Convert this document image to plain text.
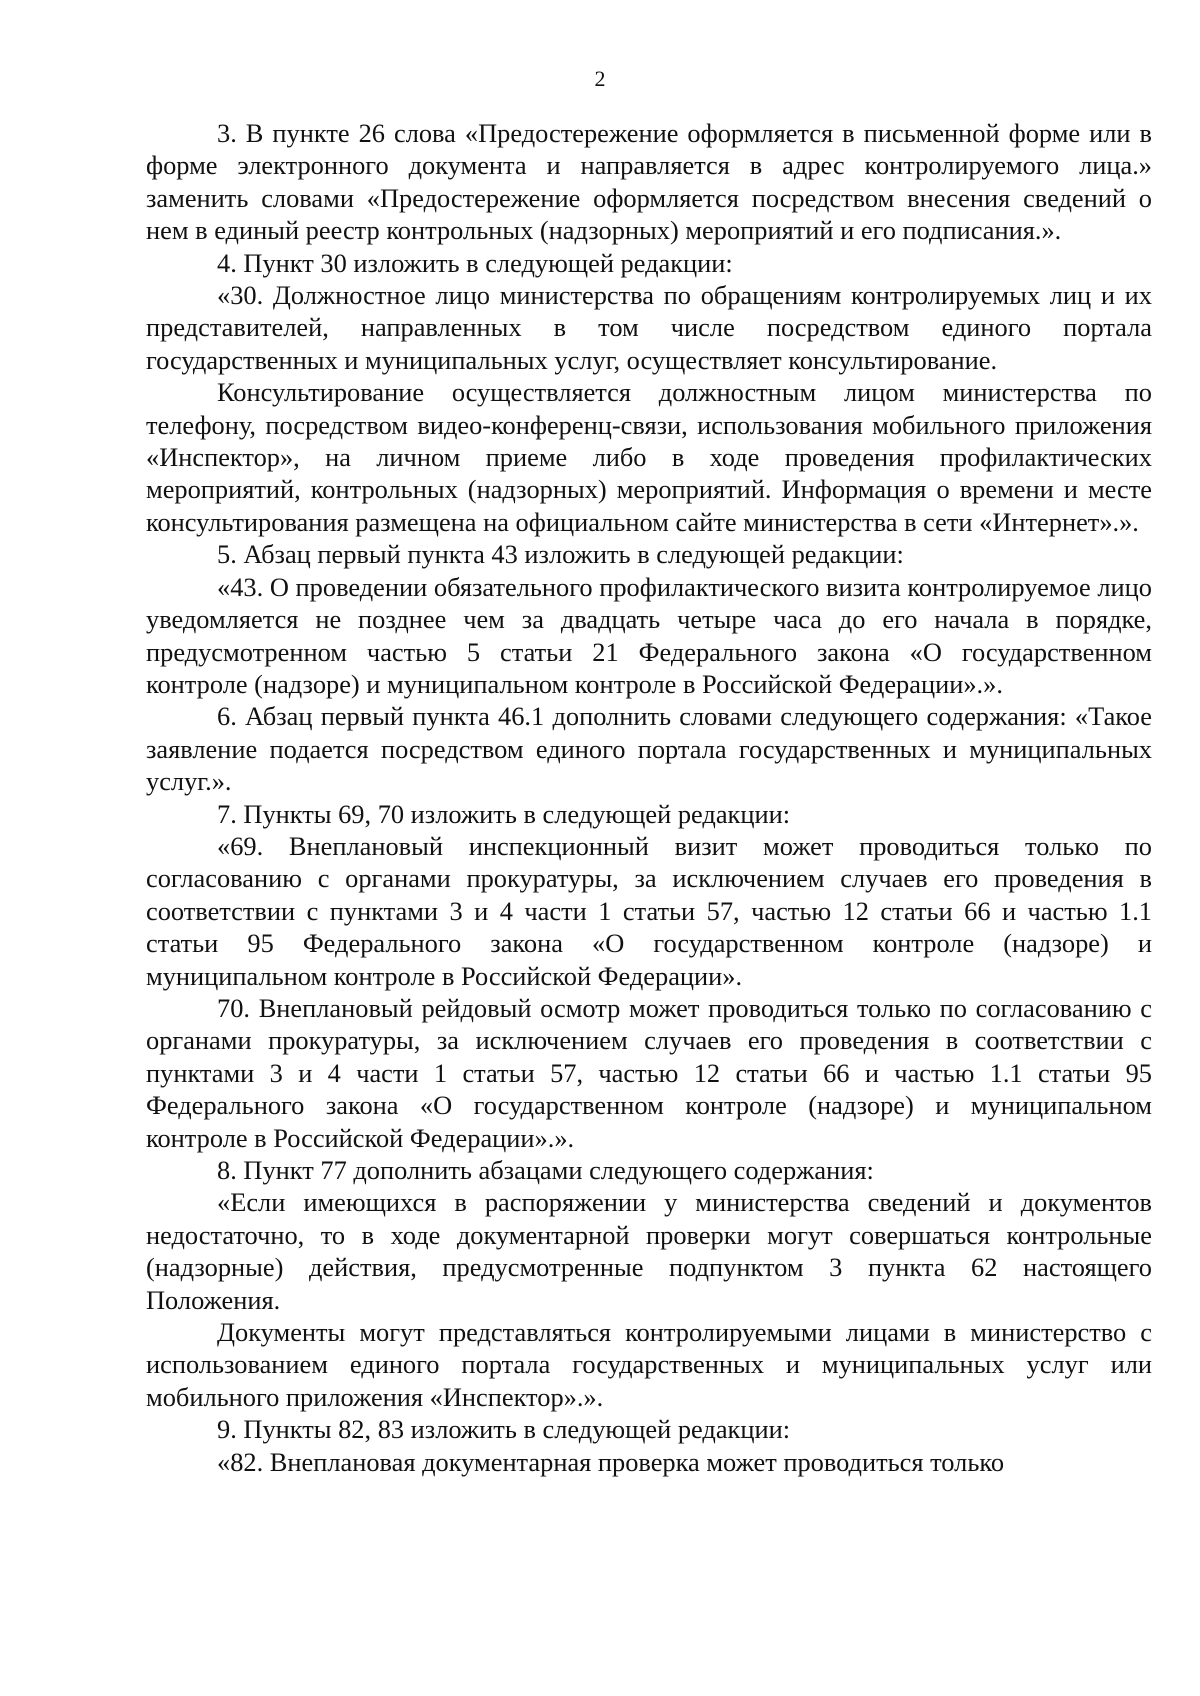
2

3. В пункте 26 слова «Предостережение оформляется в письменной форме или в форме электронного документа и направляется в адрес контролируемого лица.» заменить словами «Предостережение оформляется посредством внесения сведений о нем в единый реестр контрольных (надзорных) мероприятий и его подписания.».

4. Пункт 30 изложить в следующей редакции:

«30. Должностное лицо министерства по обращениям контролируемых лиц и их представителей, направленных в том числе посредством единого портала государственных и муниципальных услуг, осуществляет консультирование.

Консультирование осуществляется должностным лицом министерства по телефону, посредством видео-конференц-связи, использования мобильного приложения «Инспектор», на личном приеме либо в ходе проведения профилактических мероприятий, контрольных (надзорных) мероприятий. Информация о времени и месте консультирования размещена на официальном сайте министерства в сети «Интернет».».

5. Абзац первый пункта 43 изложить в следующей редакции:

«43. О проведении обязательного профилактического визита контролируемое лицо уведомляется не позднее чем за двадцать четыре часа до его начала в порядке, предусмотренном частью 5 статьи 21 Федерального закона «О государственном контроле (надзоре) и муниципальном контроле в Российской Федерации».».

6. Абзац первый пункта 46.1 дополнить словами следующего содержания: «Такое заявление подается посредством единого портала государственных и муниципальных услуг.».

7. Пункты 69, 70 изложить в следующей редакции:

«69. Внеплановый инспекционный визит может проводиться только по согласованию с органами прокуратуры, за исключением случаев его проведения в соответствии с пунктами 3 и 4 части 1 статьи 57, частью 12 статьи 66 и частью 1.1 статьи 95 Федерального закона «О государственном контроле (надзоре) и муниципальном контроле в Российской Федерации».

70. Внеплановый рейдовый осмотр может проводиться только по согласованию с органами прокуратуры, за исключением случаев его проведения в соответствии с пунктами 3 и 4 части 1 статьи 57, частью 12 статьи 66 и частью 1.1 статьи 95 Федерального закона «О государственном контроле (надзоре) и муниципальном контроле в Российской Федерации».».

8. Пункт 77 дополнить абзацами следующего содержания:

«Если имеющихся в распоряжении у министерства сведений и документов недостаточно, то в ходе документарной проверки могут совершаться контрольные (надзорные) действия, предусмотренные подпунктом 3 пункта 62 настоящего Положения.

Документы могут представляться контролируемыми лицами в министерство с использованием единого портала государственных и муниципальных услуг или мобильного приложения «Инспектор».».

9. Пункты 82, 83 изложить в следующей редакции:

«82. Внеплановая документарная проверка может проводиться только
